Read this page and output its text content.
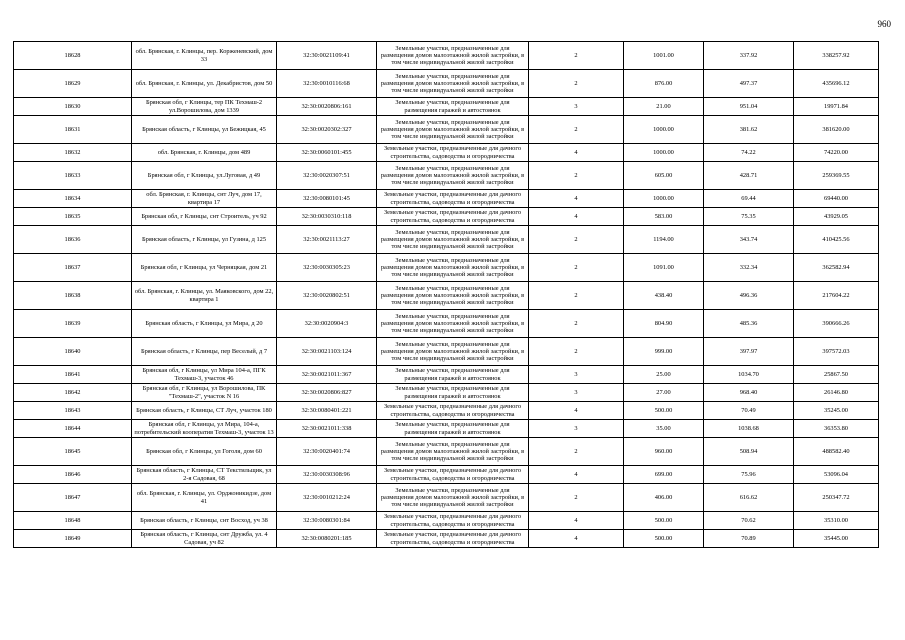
960
18628	обл. Брянская, г. Клинцы, пер. Корженевский, дом 33	32:30:0021109:41	Земельные участки, предназначенные для размещения домов малоэтажной жилой застройки, в том числе индивидуальной жилой застройки	2	1001.00	337.92	338257.92
18629	обл. Брянская, г. Клинцы, ул. Декабристов, дом 50	32:30:0010116:68	Земельные участки, предназначенные для размещения домов малоэтажной жилой застройки, в том числе индивидуальной жилой застройки	2	876.00	497.37	435696.12
18630	Брянская обл, г Клинцы, тер ПК Техмаш-2 ул.Ворошилова, дом 1339	32:30:0020806:161	Земельные участки, предназначенные для размещения гаражей и автостоянок	3	21.00	951.04	19971.84
18631	Брянская область, г Клинцы, ул Бежицкая, 45	32:30:0020302:327	Земельные участки, предназначенные для размещения домов малоэтажной жилой застройки, в том числе индивидуальной жилой застройки	2	1000.00	381.62	381620.00
18632	обл. Брянская, г. Клинцы, дом 489	32:30:0060101:455	Земельные участки, предназначенные для дачного строительства, садоводства и огородничества	4	1000.00	74.22	74220.00
18633	Брянская обл, г Клинцы, ул.Луговая, д 49	32:30:0020307:51	Земельные участки, предназначенные для размещения домов малоэтажной жилой застройки, в том числе индивидуальной жилой застройки	2	605.00	428.71	259369.55
18634	обл. Брянская, г. Клинцы, снт Луч, дом 17, квартира 17	32:30:0080101:45	Земельные участки, предназначенные для дачного строительства, садоводства и огородничества	4	1000.00	69.44	69440.00
18635	Брянская обл, г Клинцы, снт Строитель, уч 92	32:30:0030310:118	Земельные участки, предназначенные для дачного строительства, садоводства и огородничества	4	583.00	75.35	43929.05
18636	Брянская область, г Клинцы, ул Гузина, д 125	32:30:0021113:27	Земельные участки, предназначенные для размещения домов малоэтажной жилой застройки, в том числе индивидуальной жилой застройки	2	1194.00	343.74	410425.56
18637	Брянская обл, г Клинцы, ул Черняцкая, дом 21	32:30:0030305:23	Земельные участки, предназначенные для размещения домов малоэтажной жилой застройки, в том числе индивидуальной жилой застройки	2	1091.00	332.34	362582.94
18638	обл. Брянская, г. Клинцы, ул. Маяковского, дом 22, квартира 1	32:30:0020802:51	Земельные участки, предназначенные для размещения домов малоэтажной жилой застройки, в том числе индивидуальной жилой застройки	2	438.40	496.36	217604.22
18639	Брянская область, г Клинцы, ул Мира, д 20	32:30:0020904:3	Земельные участки, предназначенные для размещения домов малоэтажной жилой застройки, в том числе индивидуальной жилой застройки	2	804.90	485.36	390666.26
18640	Брянская область, г Клинцы, пер Веселый, д 7	32:30:0021103:124	Земельные участки, предназначенные для размещения домов малоэтажной жилой застройки, в том числе индивидуальной жилой застройки	2	999.00	397.97	397572.03
18641	Брянская обл, г Клинцы, ул Мира 104-а, ПГК Техмаш-3, участок 46	32:30:0021011:367	Земельные участки, предназначенные для размещения гаражей и автостоянок	3	25.00	1034.70	25867.50
18642	Брянская обл, г Клинцы, ул Ворошилова, ПК "Техмаш-2", участок N 16	32:30:0020806:827	Земельные участки, предназначенные для размещения гаражей и автостоянок	3	27.00	968.40	26146.80
18643	Брянская область, г Клинцы, СТ Луч, участок 180	32:30:0080401:221	Земельные участки, предназначенные для дачного строительства, садоводства и огородничества	4	500.00	70.49	35245.00
18644	Брянская обл, г Клинцы, ул Мира, 104-а, потребительский кооператив Техмаш-3, участок 13	32:30:0021011:338	Земельные участки, предназначенные для размещения гаражей и автостоянок	3	35.00	1038.68	36353.80
18645	Брянская обл, г Клинцы, ул Гоголя, дом 60	32:30:0020401:74	Земельные участки, предназначенные для размещения домов малоэтажной жилой застройки, в том числе индивидуальной жилой застройки	2	960.00	508.94	488582.40
18646	Брянская область, г Клинцы, СТ Текстильщик, ул 2-я Садовая, 68	32:30:0030308:96	Земельные участки, предназначенные для дачного строительства, садоводства и огородничества	4	699.00	75.96	53096.04
18647	обл. Брянская, г. Клинцы, ул. Орджоникидзе, дом 41	32:30:0010212:24	Земельные участки, предназначенные для размещения домов малоэтажной жилой застройки, в том числе индивидуальной жилой застройки	2	406.00	616.62	250347.72
18648	Брянская область, г Клинцы, снт Восход, уч 38	32:30:0080301:84	Земельные участки, предназначенные для дачного строительства, садоводства и огородничества	4	500.00	70.62	35310.00
18649	Брянская область, г Клинцы, снт Дружба, ул. 4 Садовая, уч 82	32:30:0080201:185	Земельные участки, предназначенные для дачного строительства, садоводства и огородничества	4	500.00	70.89	35445.00
